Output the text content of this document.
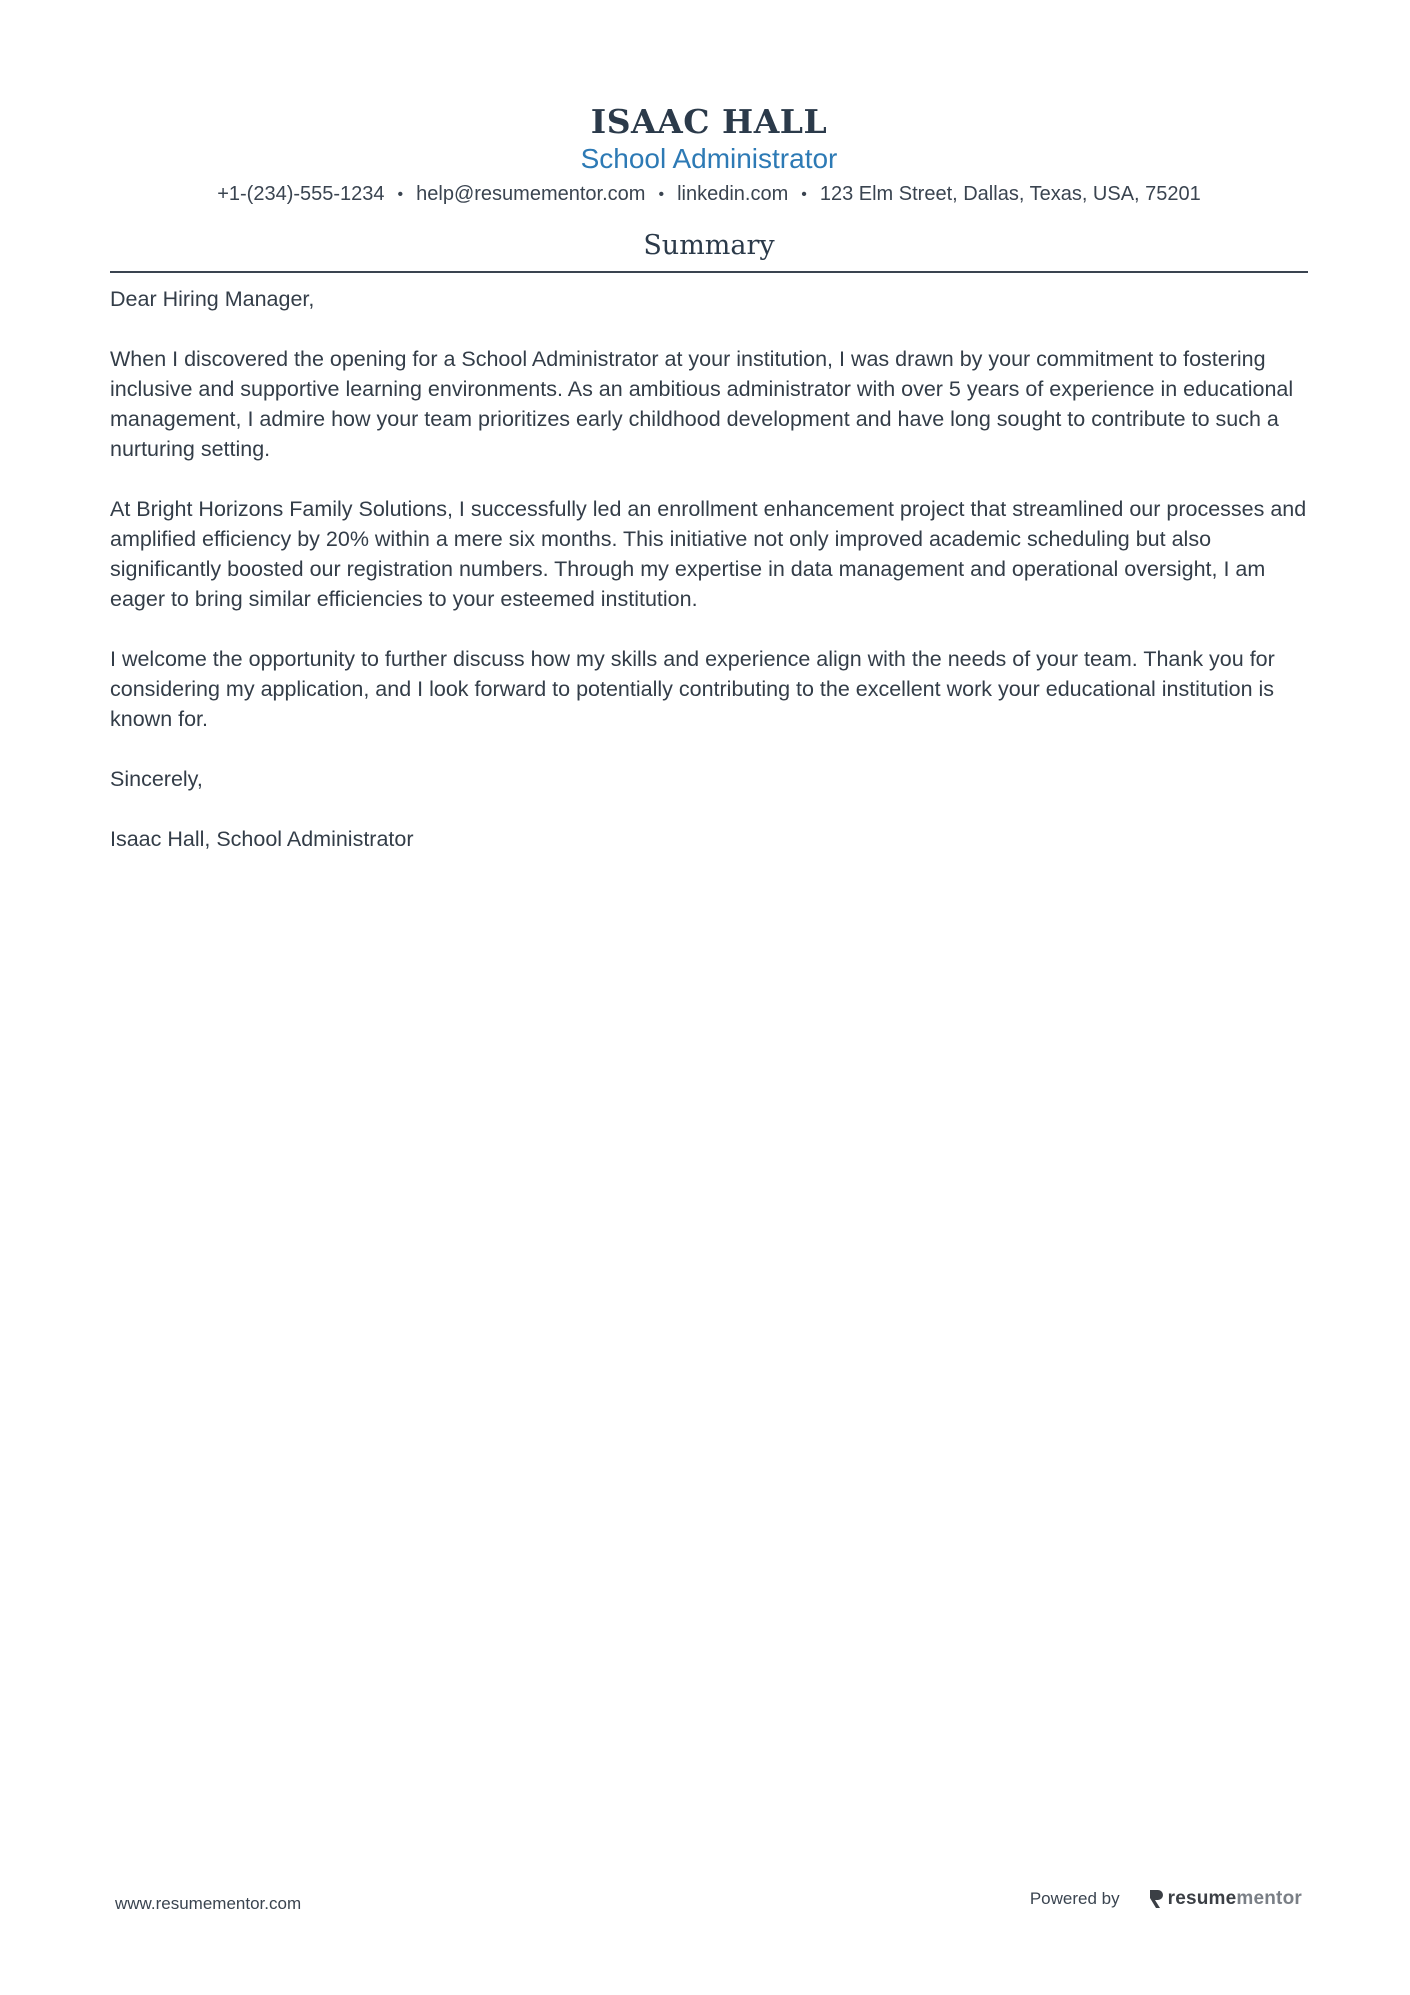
ISAAC HALL
School Administrator
+1-(234)-555-1234 • help@resumementor.com • linkedin.com • 123 Elm Street, Dallas, Texas, USA, 75201
Summary

Dear Hiring Manager,

When I discovered the opening for a School Administrator at your institution, I was drawn by your commitment to fostering inclusive and supportive learning environments. As an ambitious administrator with over 5 years of experience in educational management, I admire how your team prioritizes early childhood development and have long sought to contribute to such a nurturing setting.

At Bright Horizons Family Solutions, I successfully led an enrollment enhancement project that streamlined our processes and amplified efficiency by 20% within a mere six months. This initiative not only improved academic scheduling but also significantly boosted our registration numbers. Through my expertise in data management and operational oversight, I am eager to bring similar efficiencies to your esteemed institution.

I welcome the opportunity to further discuss how my skills and experience align with the needs of your team. Thank you for considering my application, and I look forward to potentially contributing to the excellent work your educational institution is known for.

Sincerely,

Isaac Hall, School Administrator

www.resumementor.com	Powered by	resume mentor
